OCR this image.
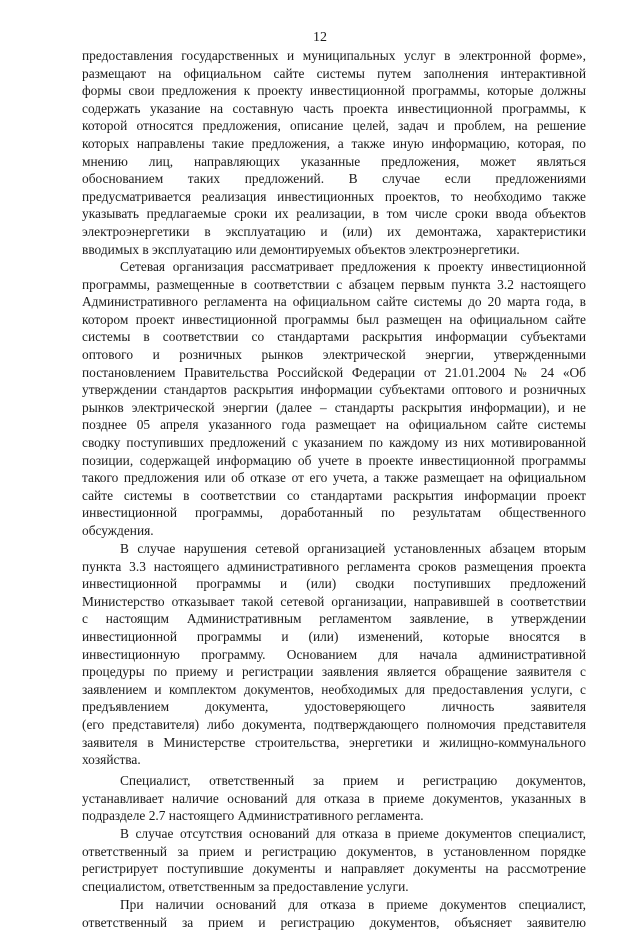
12
предоставления государственных и муниципальных услуг в электронной форме»,
размещают на официальном сайте системы путем заполнения интерактивной
формы свои предложения к проекту инвестиционной программы, которые должны
содержать указание на составную часть проекта инвестиционной программы, к
которой относятся предложения, описание целей, задач и проблем, на решение
которых направлены такие предложения, а также иную информацию, которая, по
мнению лиц, направляющих указанные предложения, может являться
обоснованием таких предложений. В случае если предложениями
предусматривается реализация инвестиционных проектов, то необходимо также
указывать предлагаемые сроки их реализации, в том числе сроки ввода объектов
электроэнергетики в эксплуатацию и (или) их демонтажа, характеристики
вводимых в эксплуатацию или демонтируемых объектов электроэнергетики.
Сетевая организация рассматривает предложения к проекту инвестиционной
программы, размещенные в соответствии с абзацем первым пункта 3.2 настоящего
Административного регламента на официальном сайте системы до 20 марта года, в
котором проект инвестиционной программы был размещен на официальном сайте
системы в соответствии со стандартами раскрытия информации субъектами
оптового и розничных рынков электрической энергии, утвержденными
постановлением Правительства Российской Федерации от 21.01.2004 № 24 «Об
утверждении стандартов раскрытия информации субъектами оптового и розничных
рынков электрической энергии (далее – стандарты раскрытия информации), и не
позднее 05 апреля указанного года размещает на официальном сайте системы
сводку поступивших предложений с указанием по каждому из них мотивированной
позиции, содержащей информацию об учете в проекте инвестиционной программы
такого предложения или об отказе от его учета, а также размещает на официальном
сайте системы в соответствии со стандартами раскрытия информации проект
инвестиционной программы, доработанный по результатам общественного
обсуждения.
В случае нарушения сетевой организацией установленных абзацем вторым
пункта 3.3 настоящего административного регламента сроков размещения проекта
инвестиционной программы и (или) сводки поступивших предложений
Министерство отказывает такой сетевой организации, направившей в соответствии
с настоящим Административным регламентом заявление, в утверждении
инвестиционной программы и (или) изменений, которые вносятся в
инвестиционную программу. Основанием для начала административной
процедуры по приему и регистрации заявления является обращение заявителя с
заявлением и комплектом документов, необходимых для предоставления услуги, с
предъявлением документа, удостоверяющего личность заявителя
(его представителя) либо документа, подтверждающего полномочия представителя
заявителя в Министерстве строительства, энергетики и жилищно-коммунального
хозяйства.
Специалист, ответственный за прием и регистрацию документов,
устанавливает наличие оснований для отказа в приеме документов, указанных в
подразделе 2.7 настоящего Административного регламента.
В случае отсутствия оснований для отказа в приеме документов специалист,
ответственный за прием и регистрацию документов, в установленном порядке
регистрирует поступившие документы и направляет документы на рассмотрение
специалистом, ответственным за предоставление услуги.
При наличии оснований для отказа в приеме документов специалист,
ответственный за прием и регистрацию документов, объясняет заявителю
